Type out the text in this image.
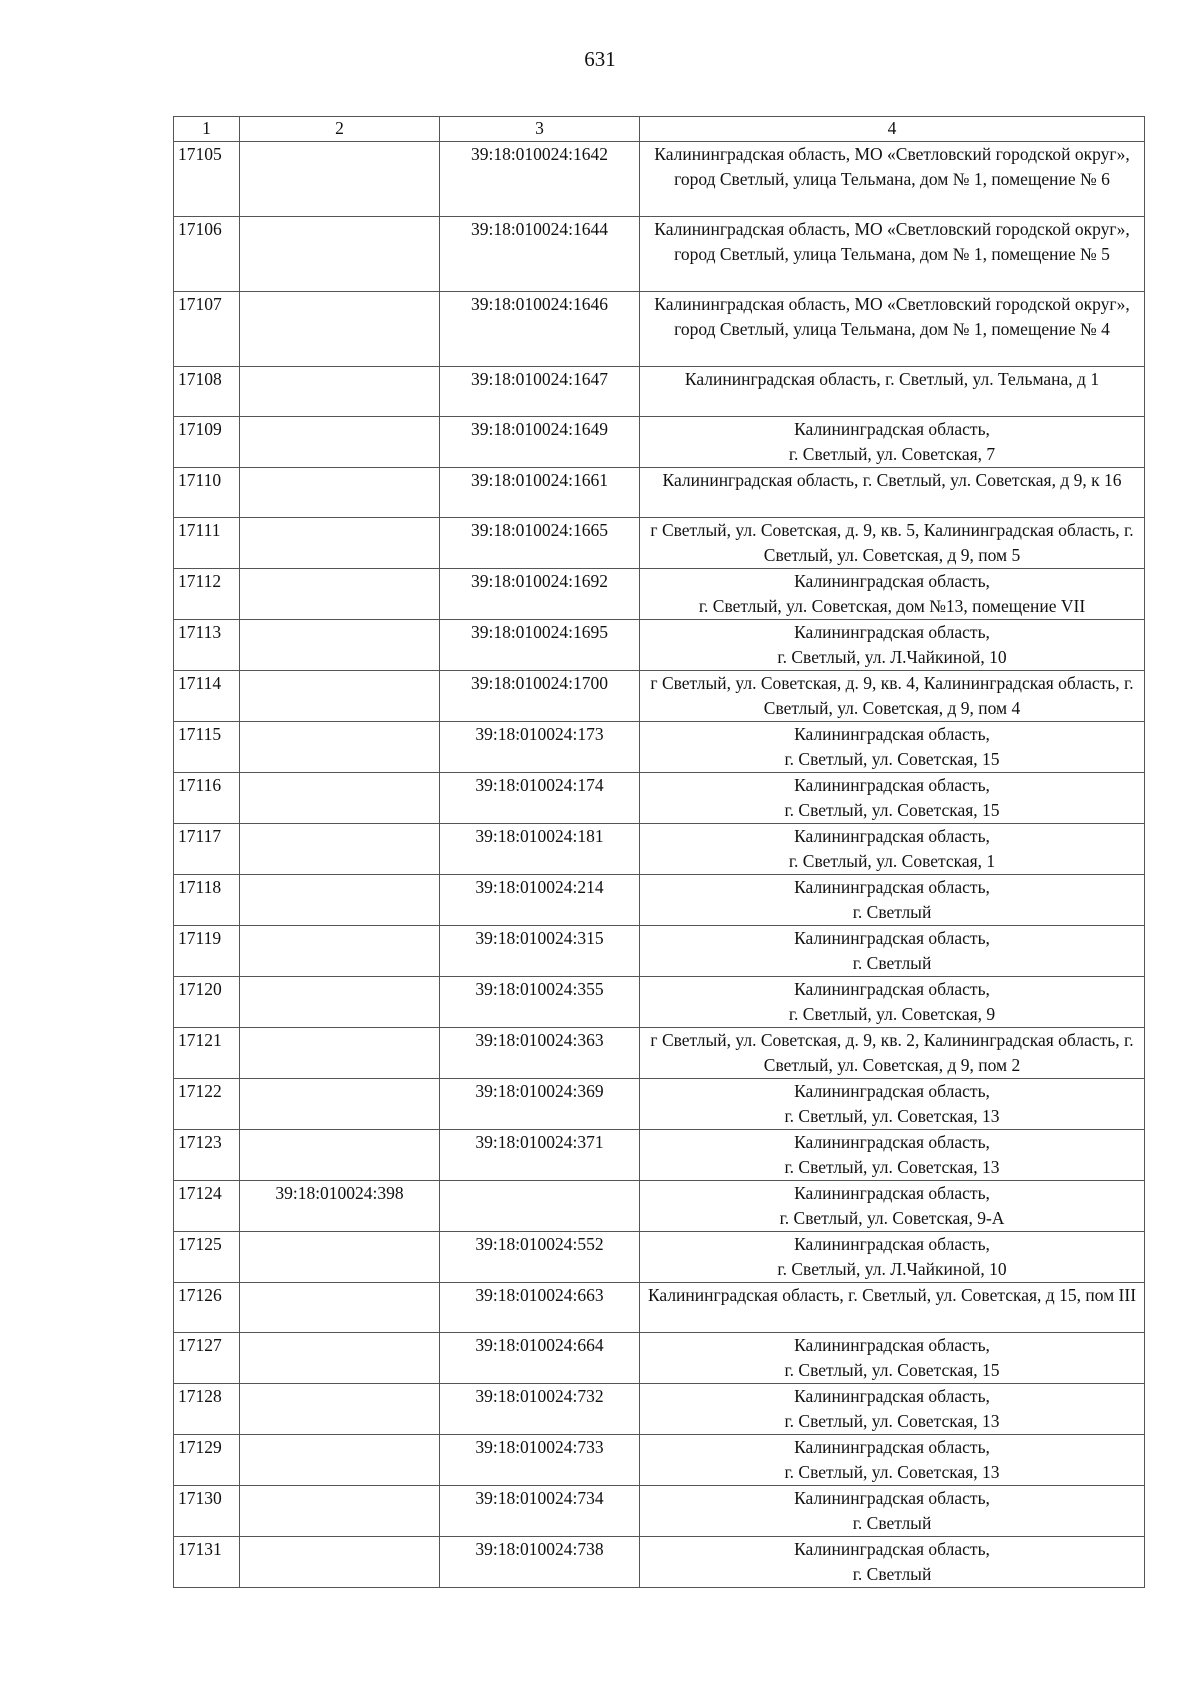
631
1	2	3	4
17105		39:18:010024:1642	Калининградская область, МО «Светловский городской округ», город Светлый, улица Тельмана, дом № 1, помещение № 6
17106		39:18:010024:1644	Калининградская область, МО «Светловский городской округ», город Светлый, улица Тельмана, дом № 1, помещение № 5
17107		39:18:010024:1646	Калининградская область, МО «Светловский городской округ», город Светлый, улица Тельмана, дом № 1, помещение № 4
17108		39:18:010024:1647	Калининградская область, г. Светлый, ул. Тельмана, д 1
17109		39:18:010024:1649	Калининградская область,
г. Светлый, ул. Советская, 7
17110		39:18:010024:1661	Калининградская область, г. Светлый, ул. Советская, д 9, к 16
17111		39:18:010024:1665	г Светлый, ул. Советская, д. 9, кв. 5, Калининградская область, г. Светлый, ул. Советская, д 9, пом 5
17112		39:18:010024:1692	Калининградская область,
г. Светлый, ул. Советская, дом №13, помещение VII
17113		39:18:010024:1695	Калининградская область,
г. Светлый, ул. Л.Чайкиной, 10
17114		39:18:010024:1700	г Светлый, ул. Советская, д. 9, кв. 4, Калининградская область, г. Светлый, ул. Советская, д 9, пом 4
17115		39:18:010024:173	Калининградская область,
г. Светлый, ул. Советская, 15
17116		39:18:010024:174	Калининградская область,
г. Светлый, ул. Советская, 15
17117		39:18:010024:181	Калининградская область,
г. Светлый, ул. Советская, 1
17118		39:18:010024:214	Калининградская область,
г. Светлый
17119		39:18:010024:315	Калининградская область,
г. Светлый
17120		39:18:010024:355	Калининградская область,
г. Светлый, ул. Советская, 9
17121		39:18:010024:363	г Светлый, ул. Советская, д. 9, кв. 2, Калининградская область, г. Светлый, ул. Советская, д 9, пом 2
17122		39:18:010024:369	Калининградская область,
г. Светлый, ул. Советская, 13
17123		39:18:010024:371	Калининградская область,
г. Светлый, ул. Советская, 13
17124	39:18:010024:398		Калининградская область,
г. Светлый, ул. Советская, 9-А
17125		39:18:010024:552	Калининградская область,
г. Светлый, ул. Л.Чайкиной, 10
17126		39:18:010024:663	Калининградская область, г. Светлый, ул. Советская, д 15, пом III
17127		39:18:010024:664	Калининградская область,
г. Светлый, ул. Советская, 15
17128		39:18:010024:732	Калининградская область,
г. Светлый, ул. Советская, 13
17129		39:18:010024:733	Калининградская область,
г. Светлый, ул. Советская, 13
17130		39:18:010024:734	Калининградская область,
г. Светлый
17131		39:18:010024:738	Калининградская область,
г. Светлый
